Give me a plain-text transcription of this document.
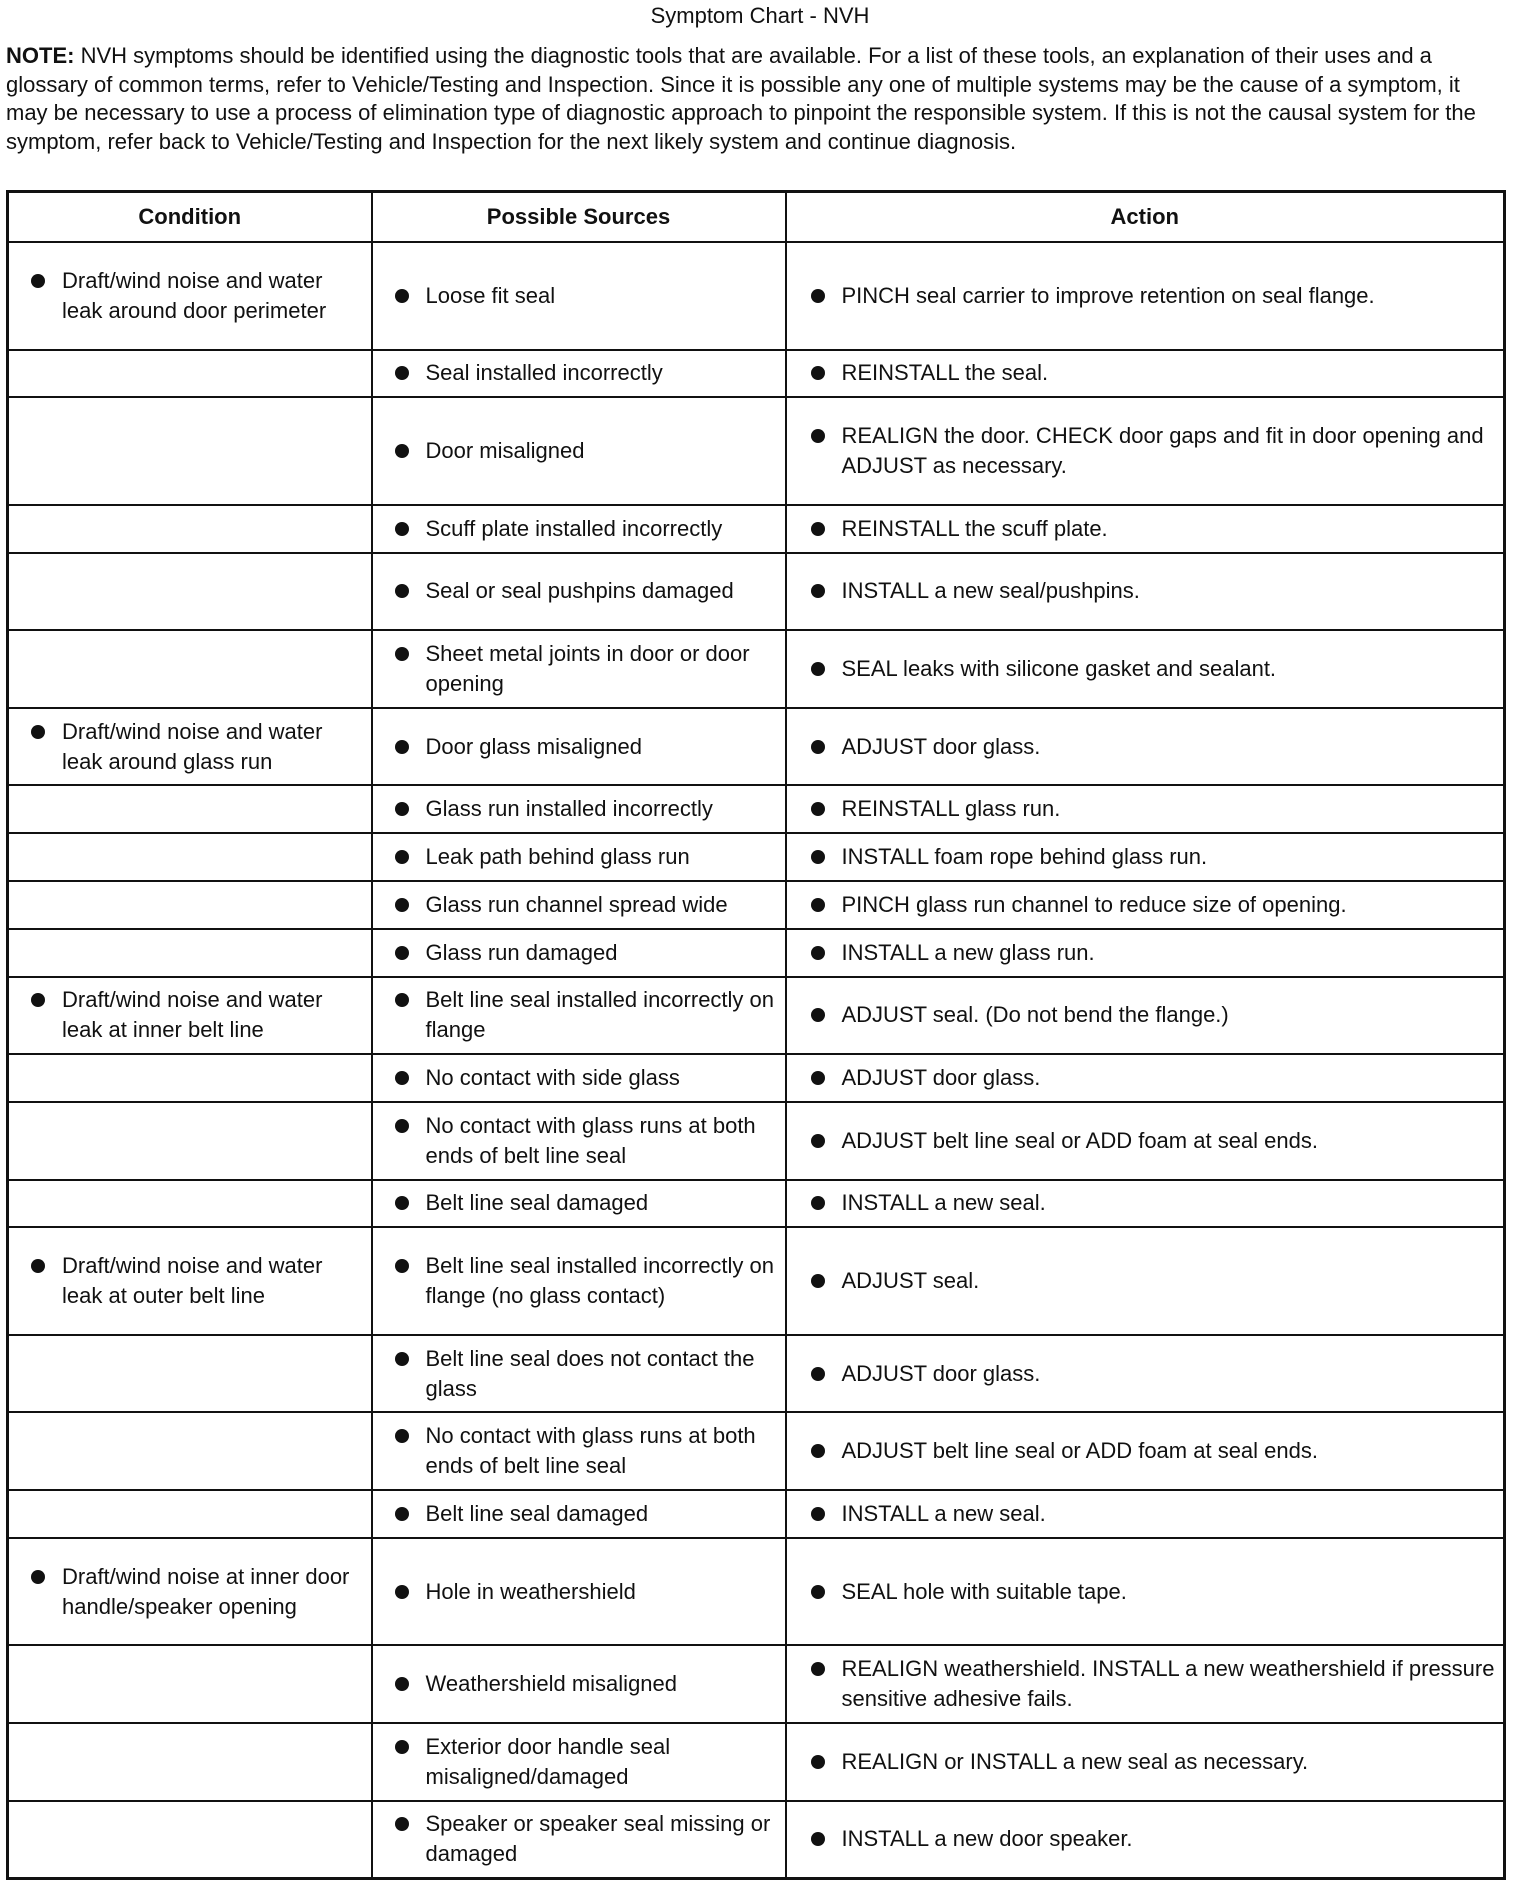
Symptom Chart - NVH

NOTE: NVH symptoms should be identified using the diagnostic tools that are available. For a list of these tools, an explanation of their uses and a glossary of common terms, refer to Vehicle/Testing and Inspection. Since it is possible any one of multiple systems may be the cause of a symptom, it may be necessary to use a process of elimination type of diagnostic approach to pinpoint the responsible system. If this is not the causal system for the symptom, refer back to Vehicle/Testing and Inspection for the next likely system and continue diagnosis.

Condition	Possible Sources	Action

Draft/wind noise and water leak around door perimeter	Loose fit seal	PINCH seal carrier to improve retention on seal flange.

	Seal installed incorrectly	REINSTALL the seal.

	Door misaligned	REALIGN the door. CHECK door gaps and fit in door opening and ADJUST as necessary.

	Scuff plate installed incorrectly	REINSTALL the scuff plate.

	Seal or seal pushpins damaged	INSTALL a new seal/pushpins.

	Sheet metal joints in door or door opening	SEAL leaks with silicone gasket and sealant.

Draft/wind noise and water leak around glass run	Door glass misaligned	ADJUST door glass.

	Glass run installed incorrectly	REINSTALL glass run.

	Leak path behind glass run	INSTALL foam rope behind glass run.

	Glass run channel spread wide	PINCH glass run channel to reduce size of opening.

	Glass run damaged	INSTALL a new glass run.

Draft/wind noise and water leak at inner belt line	Belt line seal installed incorrectly on flange	ADJUST seal. (Do not bend the flange.)

	No contact with side glass	ADJUST door glass.

	No contact with glass runs at both ends of belt line seal	ADJUST belt line seal or ADD foam at seal ends.

	Belt line seal damaged	INSTALL a new seal.

Draft/wind noise and water leak at outer belt line	Belt line seal installed incorrectly on flange (no glass contact)	ADJUST seal.

	Belt line seal does not contact the glass	ADJUST door glass.

	No contact with glass runs at both ends of belt line seal	ADJUST belt line seal or ADD foam at seal ends.

	Belt line seal damaged	INSTALL a new seal.

Draft/wind noise at inner door handle/speaker opening	Hole in weathershield	SEAL hole with suitable tape.

	Weathershield misaligned	REALIGN weathershield. INSTALL a new weathershield if pressure sensitive adhesive fails.

	Exterior door handle seal misaligned/damaged	REALIGN or INSTALL a new seal as necessary.

	Speaker or speaker seal missing or damaged	INSTALL a new door speaker.
